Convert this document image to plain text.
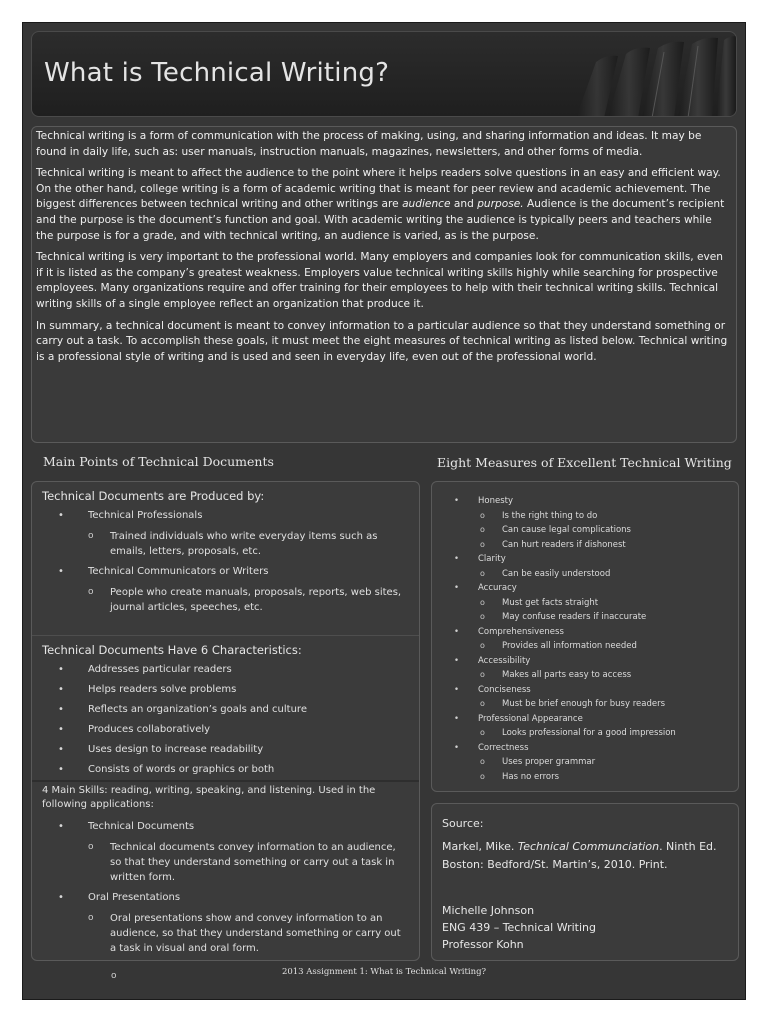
What is Technical Writing?

Technical writing is a form of communication with the process of making, using, and sharing information and ideas. It may be found in daily life, such as: user manuals, instruction manuals, magazines, newsletters, and other forms of media.

Technical writing is meant to affect the audience to the point where it helps readers solve questions in an easy and efficient way. On the other hand, college writing is a form of academic writing that is meant for peer review and academic achievement. The biggest differences between technical writing and other writings are audience and purpose. Audience is the document’s recipient and the purpose is the document’s function and goal. With academic writing the audience is typically peers and teachers while the purpose is for a grade, and with technical writing, an audience is varied, as is the purpose.

Technical writing is very important to the professional world. Many employers and companies look for communication skills, even if it is listed as the company’s greatest weakness. Employers value technical writing skills highly while searching for prospective employees. Many organizations require and offer training for their employees to help with their technical writing skills. Technical writing skills of a single employee reflect an organization that produce it.

In summary, a technical document is meant to convey information to a particular audience so that they understand something or carry out a task. To accomplish these goals, it must meet the eight measures of technical writing as listed below. Technical writing is a professional style of writing and is used and seen in everyday life, even out of the professional world.

Main Points of Technical Documents	Eight Measures of Excellent Technical Writing
Technical Documents are Produced by:
• Technical Professionals
o Trained individuals who write everyday items such as emails, letters, proposals, etc.
• Technical Communicators or Writers
o People who create manuals, proposals, reports, web sites, journal articles, speeches, etc.
Technical Documents Have 6 Characteristics:
• Addresses particular readers
• Helps readers solve problems
• Reflects an organization’s goals and culture
• Produces collaboratively
• Uses design to increase readability
• Consists of words or graphics or both
4 Main Skills: reading, writing, speaking, and listening. Used in the following applications:
• Technical Documents
o Technical documents convey information to an audience, so that they understand something or carry out a task in written form.
• Oral Presentations
o Oral presentations show and convey information to an audience, so that they understand something or carry out a task in visual and oral form.
• Honesty
o Is the right thing to do
o Can cause legal complications
o Can hurt readers if dishonest
• Clarity
o Can be easily understood
• Accuracy
o Must get facts straight
o May confuse readers if inaccurate
• Comprehensiveness
o Provides all information needed
• Accessibility
o Makes all parts easy to access
• Conciseness
o Must be brief enough for busy readers
• Professional Appearance
o Looks professional for a good impression
• Correctness
o Uses proper grammar
o Has no errors
Source:

Markel, Mike. Technical Communciation. Ninth Ed. Boston: Bedford/St. Martin’s, 2010. Print.

Michelle Johnson
ENG 439 – Technical Writing
Professor Kohn
2013 Assignment 1: What is Technical Writing?
o
